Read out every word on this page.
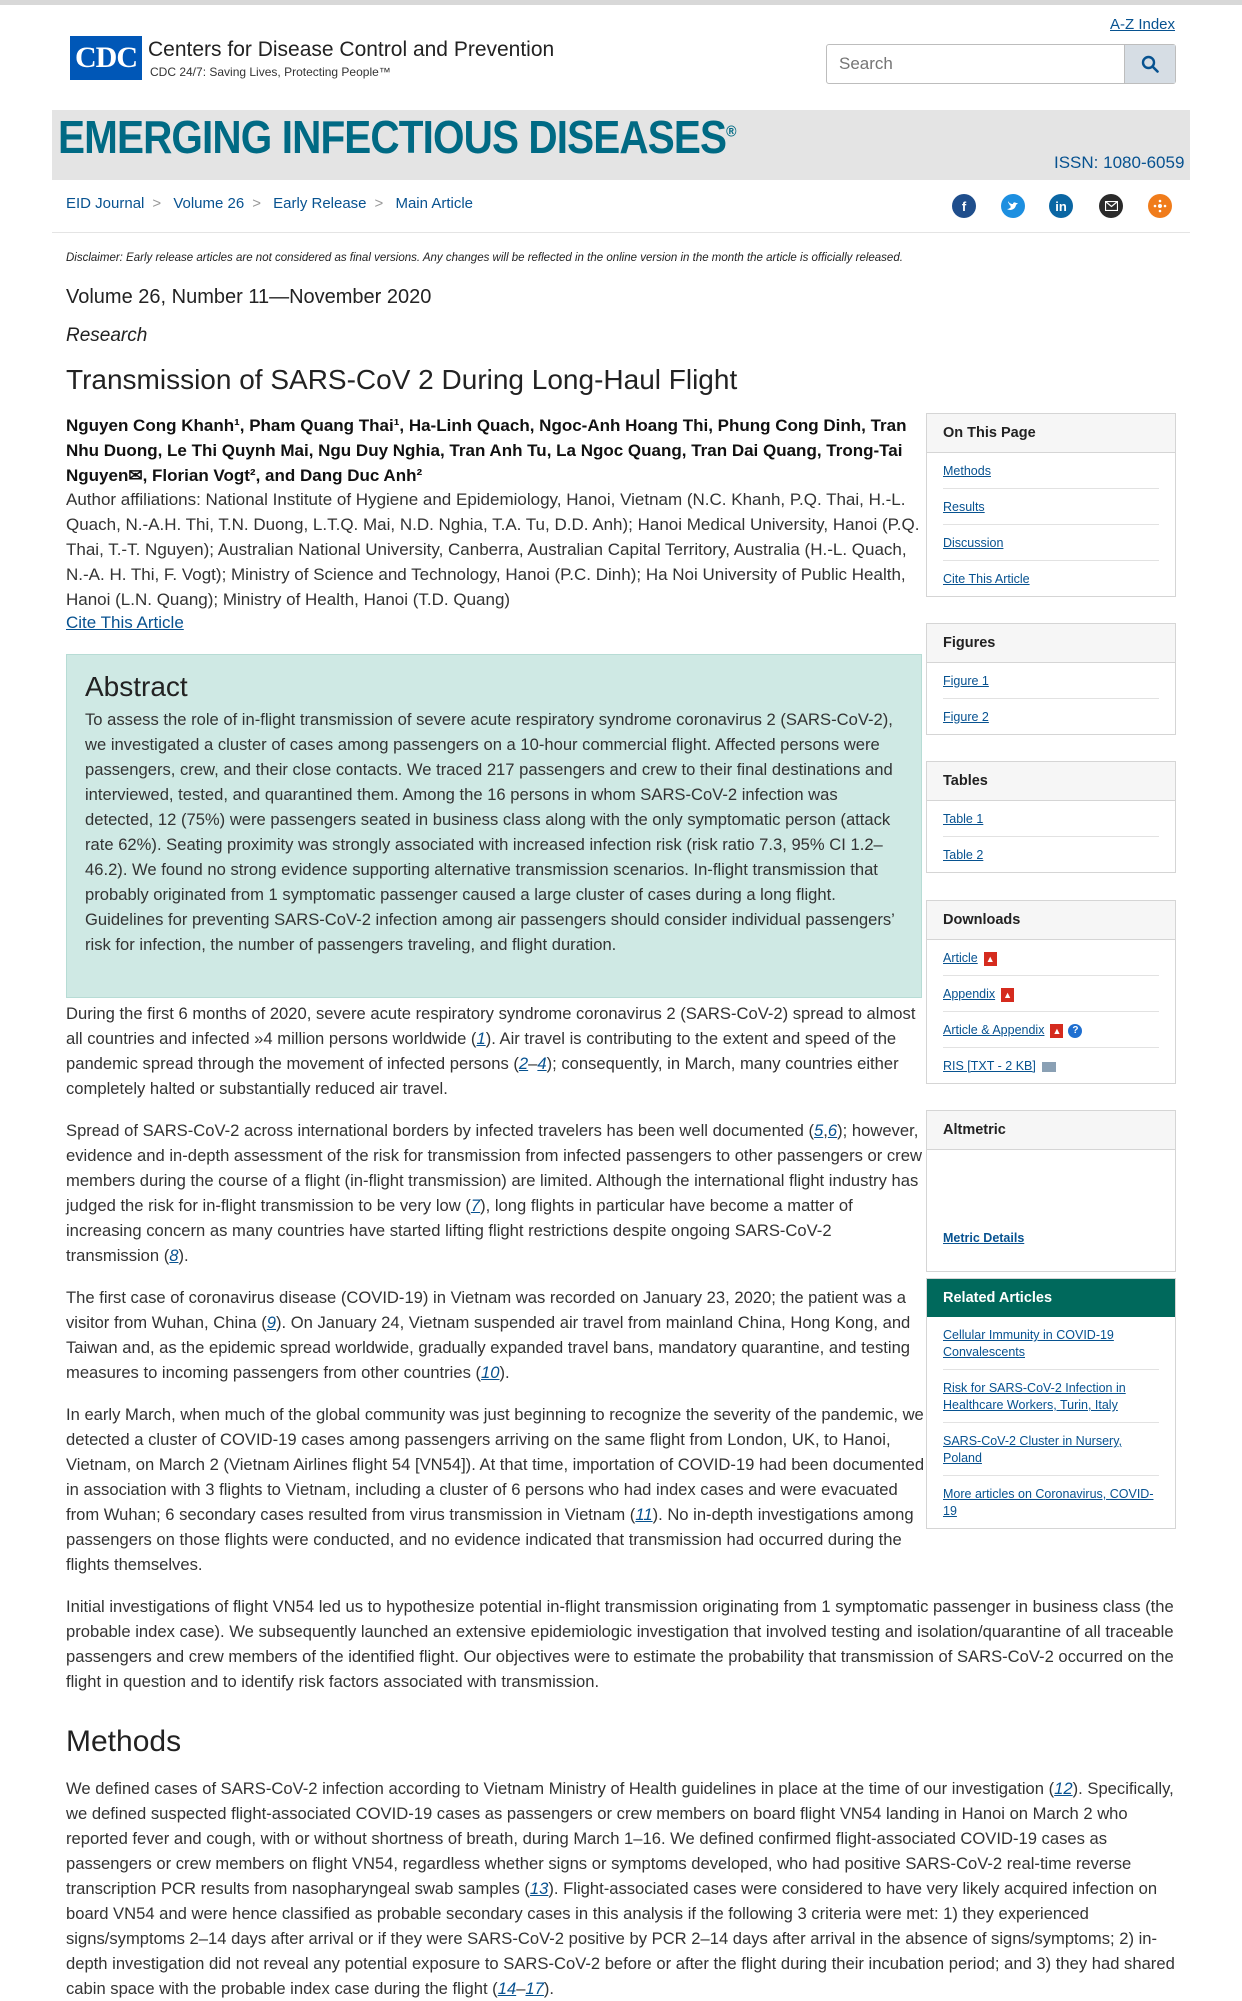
A-Z Index
CDC Centers for Disease Control and Prevention
CDC 24/7: Saving Lives, Protecting People™
Search
EMERGING INFECTIOUS DISEASES®
ISSN: 1080-6059
EID Journal > Volume 26 > Early Release > Main Article	f	in
Disclaimer: Early release articles are not considered as final versions. Any changes will be reflected in the online version in the month the article is officially released.
Volume 26, Number 11—November 2020
Research
Transmission of SARS-CoV 2 During Long-Haul Flight
Nguyen Cong Khanh¹, Pham Quang Thai¹, Ha-Linh Quach, Ngoc-Anh Hoang Thi, Phung Cong Dinh, Tran Nhu Duong, Le Thi Quynh Mai, Ngu Duy Nghia, Tran Anh Tu, La Ngoc Quang, Tran Dai Quang, Trong-Tai Nguyen✉, Florian Vogt², and Dang Duc Anh²
Author affiliations: National Institute of Hygiene and Epidemiology, Hanoi, Vietnam (N.C. Khanh, P.Q. Thai, H.-L. Quach, N.-A.H. Thi, T.N. Duong, L.T.Q. Mai, N.D. Nghia, T.A. Tu, D.D. Anh); Hanoi Medical University, Hanoi (P.Q. Thai, T.-T. Nguyen); Australian National University, Canberra, Australian Capital Territory, Australia (H.-L. Quach, N.-A. H. Thi, F. Vogt); Ministry of Science and Technology, Hanoi (P.C. Dinh); Ha Noi University of Public Health, Hanoi (L.N. Quang); Ministry of Health, Hanoi (T.D. Quang)
Cite This Article
Abstract

To assess the role of in-flight transmission of severe acute respiratory syndrome coronavirus 2 (SARS-CoV-2), we investigated a cluster of cases among passengers on a 10-hour commercial flight. Affected persons were passengers, crew, and their close contacts. We traced 217 passengers and crew to their final destinations and interviewed, tested, and quarantined them. Among the 16 persons in whom SARS-CoV-2 infection was detected, 12 (75%) were passengers seated in business class along with the only symptomatic person (attack rate 62%). Seating proximity was strongly associated with increased infection risk (risk ratio 7.3, 95% CI 1.2–46.2). We found no strong evidence supporting alternative transmission scenarios. In-flight transmission that probably originated from 1 symptomatic passenger caused a large cluster of cases during a long flight. Guidelines for preventing SARS-CoV-2 infection among air passengers should consider individual passengers’ risk for infection, the number of passengers traveling, and flight duration.

During the first 6 months of 2020, severe acute respiratory syndrome coronavirus 2 (SARS-CoV-2) spread to almost all countries and infected »4 million persons worldwide (1). Air travel is contributing to the extent and speed of the pandemic spread through the movement of infected persons (2–4); consequently, in March, many countries either completely halted or substantially reduced air travel.

Spread of SARS-CoV-2 across international borders by infected travelers has been well documented (5,6); however, evidence and in-depth assessment of the risk for transmission from infected passengers to other passengers or crew members during the course of a flight (in-flight transmission) are limited. Although the international flight industry has judged the risk for in-flight transmission to be very low (7), long flights in particular have become a matter of increasing concern as many countries have started lifting flight restrictions despite ongoing SARS-CoV-2 transmission (8).

The first case of coronavirus disease (COVID-19) in Vietnam was recorded on January 23, 2020; the patient was a visitor from Wuhan, China (9). On January 24, Vietnam suspended air travel from mainland China, Hong Kong, and Taiwan and, as the epidemic spread worldwide, gradually expanded travel bans, mandatory quarantine, and testing measures to incoming passengers from other countries (10).

In early March, when much of the global community was just beginning to recognize the severity of the pandemic, we detected a cluster of COVID-19 cases among passengers arriving on the same flight from London, UK, to Hanoi, Vietnam, on March 2 (Vietnam Airlines flight 54 [VN54]). At that time, importation of COVID-19 had been documented in association with 3 flights to Vietnam, including a cluster of 6 persons who had index cases and were evacuated from Wuhan; 6 secondary cases resulted from virus transmission in Vietnam (11). No in-depth investigations among passengers on those flights were conducted, and no evidence indicated that transmission had occurred during the flights themselves.

Initial investigations of flight VN54 led us to hypothesize potential in-flight transmission originating from 1 symptomatic passenger in business class (the probable index case). We subsequently launched an extensive epidemiologic investigation that involved testing and isolation/quarantine of all traceable passengers and crew members of the identified flight. Our objectives were to estimate the probability that transmission of SARS-CoV-2 occurred on the flight in question and to identify risk factors associated with transmission.

Methods

We defined cases of SARS-CoV-2 infection according to Vietnam Ministry of Health guidelines in place at the time of our investigation (12). Specifically, we defined suspected flight-associated COVID-19 cases as passengers or crew members on board flight VN54 landing in Hanoi on March 2 who reported fever and cough, with or without shortness of breath, during March 1–16. We defined confirmed flight-associated COVID-19 cases as passengers or crew members on flight VN54, regardless whether signs or symptoms developed, who had positive SARS-CoV-2 real-time reverse transcription PCR results from nasopharyngeal swab samples (13). Flight-associated cases were considered to have very likely acquired infection on board VN54 and were hence classified as probable secondary cases in this analysis if the following 3 criteria were met: 1) they experienced signs/symptoms 2–14 days after arrival or if they were SARS-CoV-2 positive by PCR 2–14 days after arrival in the absence of signs/symptoms; 2) in-depth investigation did not reveal any potential exposure to SARS-CoV-2 before or after the flight during their incubation period; and 3) they had shared cabin space with the probable index case during the flight (14–17).

On This Page
Methods
Results
Discussion
Cite This Article
Figures
Figure 1
Figure 2
Tables
Table 1
Table 2
Downloads
Article ▲
Appendix ▲
Article & Appendix ▲ ?
RIS [TXT - 2 KB]
Altmetric
Metric Details
Related Articles
Cellular Immunity in COVID-19 Convalescents
Risk for SARS-CoV-2 Infection in Healthcare Workers, Turin, Italy
SARS-CoV-2 Cluster in Nursery, Poland
More articles on Coronavirus, COVID-19
